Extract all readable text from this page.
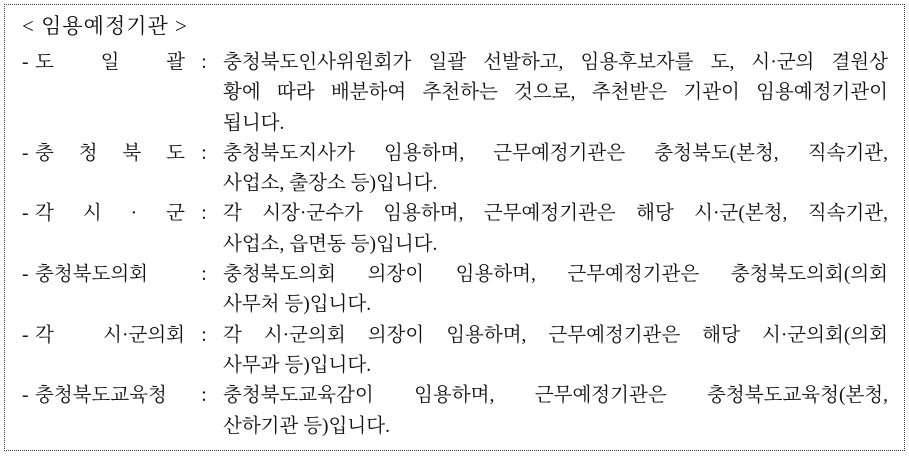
< 임용예정기관 >
- 도 일 괄 : 충청북도인사위원회가 일괄 선발하고, 임용후보자를 도, 시·군의 결원상
황에 따라 배분하여 추천하는 것으로, 추천받은 기관이 임용예정기관이
됩니다.
- 충 청 북 도 : 충청북도지사가 임용하며, 근무예정기관은 충청북도(본청, 직속기관,
사업소, 출장소 등)입니다.
- 각 시 · 군 : 각 시장·군수가 임용하며, 근무예정기관은 해당 시·군(본청, 직속기관,
사업소, 읍면동 등)입니다.
- 충청북도의회	: 충청북도의회 의장이 임용하며, 근무예정기관은 충청북도의회(의회
사무처 등)입니다.
- 각 시·군의회 : 각 시·군의회 의장이 임용하며, 근무예정기관은 해당 시·군의회(의회
사무과 등)입니다.
- 충청북도교육청	: 충청북도교육감이 임용하며, 근무예정기관은 충청북도교육청(본청,
산하기관 등)입니다.
